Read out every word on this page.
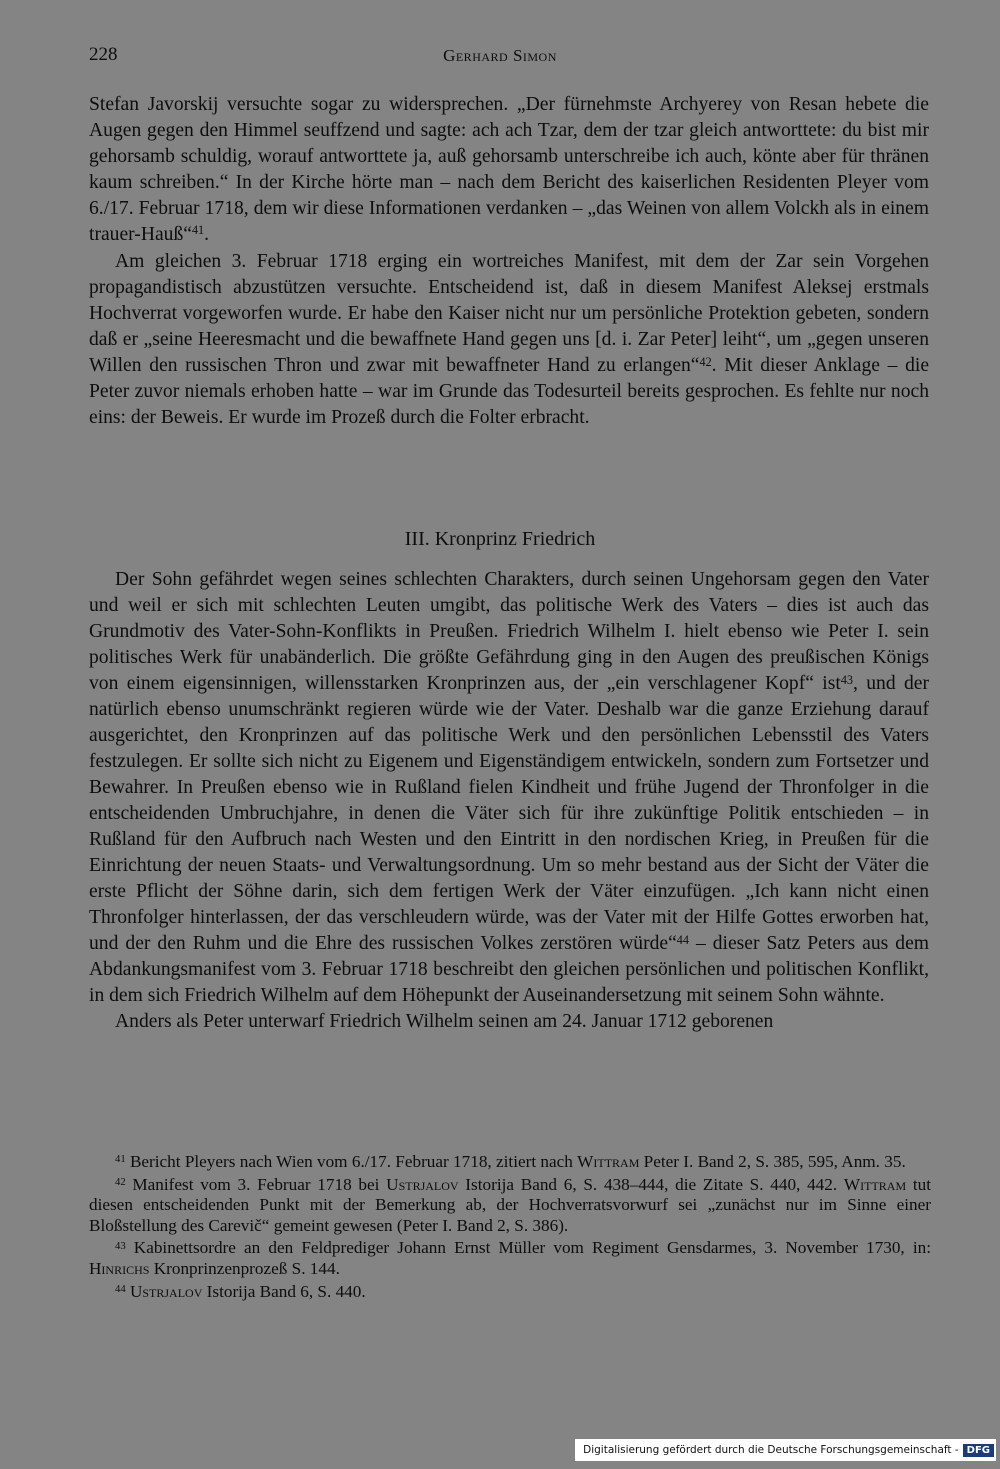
228	Gerhard Simon

Stefan Javorskij versuchte sogar zu widersprechen. „Der fürnehmste Archyerey von Resan hebete die Augen gegen den Himmel seuffzend und sagte: ach ach Tzar, dem der tzar gleich antworttete: du bist mir gehorsamb schuldig, worauf antworttete ja, auß gehorsamb unterschreibe ich auch, könte aber für thränen kaum schreiben.“ In der Kirche hörte man – nach dem Bericht des kaiserlichen Residenten Pleyer vom 6./17. Februar 1718, dem wir diese Informationen verdanken – „das Weinen von allem Volckh als in einem trauer-Hauß“$^{41}$.

Am gleichen 3. Februar 1718 erging ein wortreiches Manifest, mit dem der Zar sein Vorgehen propagandistisch abzustützen versuchte. Entscheidend ist, daß in diesem Manifest Aleksej erstmals Hochverrat vorgeworfen wurde. Er habe den Kaiser nicht nur um persönliche Protektion gebeten, sondern daß er „seine Heeresmacht und die bewaffnete Hand gegen uns [d. i. Zar Peter] leiht“, um „gegen unseren Willen den russischen Thron und zwar mit bewaffneter Hand zu erlangen“$^{42}$. Mit dieser Anklage – die Peter zuvor niemals erhoben hatte – war im Grunde das Todesurteil bereits gesprochen. Es fehlte nur noch eins: der Beweis. Er wurde im Prozeß durch die Folter erbracht.

III. Kronprinz Friedrich

Der Sohn gefährdet wegen seines schlechten Charakters, durch seinen Ungehorsam gegen den Vater und weil er sich mit schlechten Leuten umgibt, das politische Werk des Vaters – dies ist auch das Grundmotiv des Vater-Sohn-Konflikts in Preußen. Friedrich Wilhelm I. hielt ebenso wie Peter I. sein politisches Werk für unabänderlich. Die größte Gefährdung ging in den Augen des preußischen Königs von einem eigensinnigen, willensstarken Kronprinzen aus, der „ein verschlagener Kopf“ ist$^{43}$, und der natürlich ebenso unumschränkt regieren würde wie der Vater. Deshalb war die ganze Erziehung darauf ausgerichtet, den Kronprinzen auf das politische Werk und den persönlichen Lebensstil des Vaters festzulegen. Er sollte sich nicht zu Eigenem und Eigenständigem entwickeln, sondern zum Fortsetzer und Bewahrer. In Preußen ebenso wie in Rußland fielen Kindheit und frühe Jugend der Thronfolger in die entscheidenden Umbruchjahre, in denen die Väter sich für ihre zukünftige Politik entschieden – in Rußland für den Aufbruch nach Westen und den Eintritt in den nordischen Krieg, in Preußen für die Einrichtung der neuen Staats- und Verwaltungsordnung. Um so mehr bestand aus der Sicht der Väter die erste Pflicht der Söhne darin, sich dem fertigen Werk der Väter einzufügen. „Ich kann nicht einen Thronfolger hinterlassen, der das verschleudern würde, was der Vater mit der Hilfe Gottes erworben hat, und der den Ruhm und die Ehre des russischen Volkes zerstören würde“$^{44}$ – dieser Satz Peters aus dem Abdankungsmanifest vom 3. Februar 1718 beschreibt den gleichen persönlichen und politischen Konflikt, in dem sich Friedrich Wilhelm auf dem Höhepunkt der Auseinandersetzung mit seinem Sohn wähnte.

Anders als Peter unterwarf Friedrich Wilhelm seinen am 24. Januar 1712 geborenen

$^{41}$ Bericht Pleyers nach Wien vom 6./17. Februar 1718, zitiert nach Wittram Peter I. Band 2, S. 385, 595, Anm. 35.

$^{42}$ Manifest vom 3. Februar 1718 bei Ustrjalov Istorija Band 6, S. 438–444, die Zitate S. 440, 442. Wittram tut diesen entscheidenden Punkt mit der Bemerkung ab, der Hochverratsvorwurf sei „zunächst nur im Sinne einer Bloßstellung des Carevič“ gemeint gewesen (Peter I. Band 2, S. 386).

$^{43}$ Kabinettsordre an den Feldprediger Johann Ernst Müller vom Regiment Gensdarmes, 3. November 1730, in: Hinrichs Kronprinzenprozeß S. 144.

$^{44}$ Ustrjalov Istorija Band 6, S. 440.

Digitalisierung gefördert durch die Deutsche Forschungsgemeinschaft - DFG
